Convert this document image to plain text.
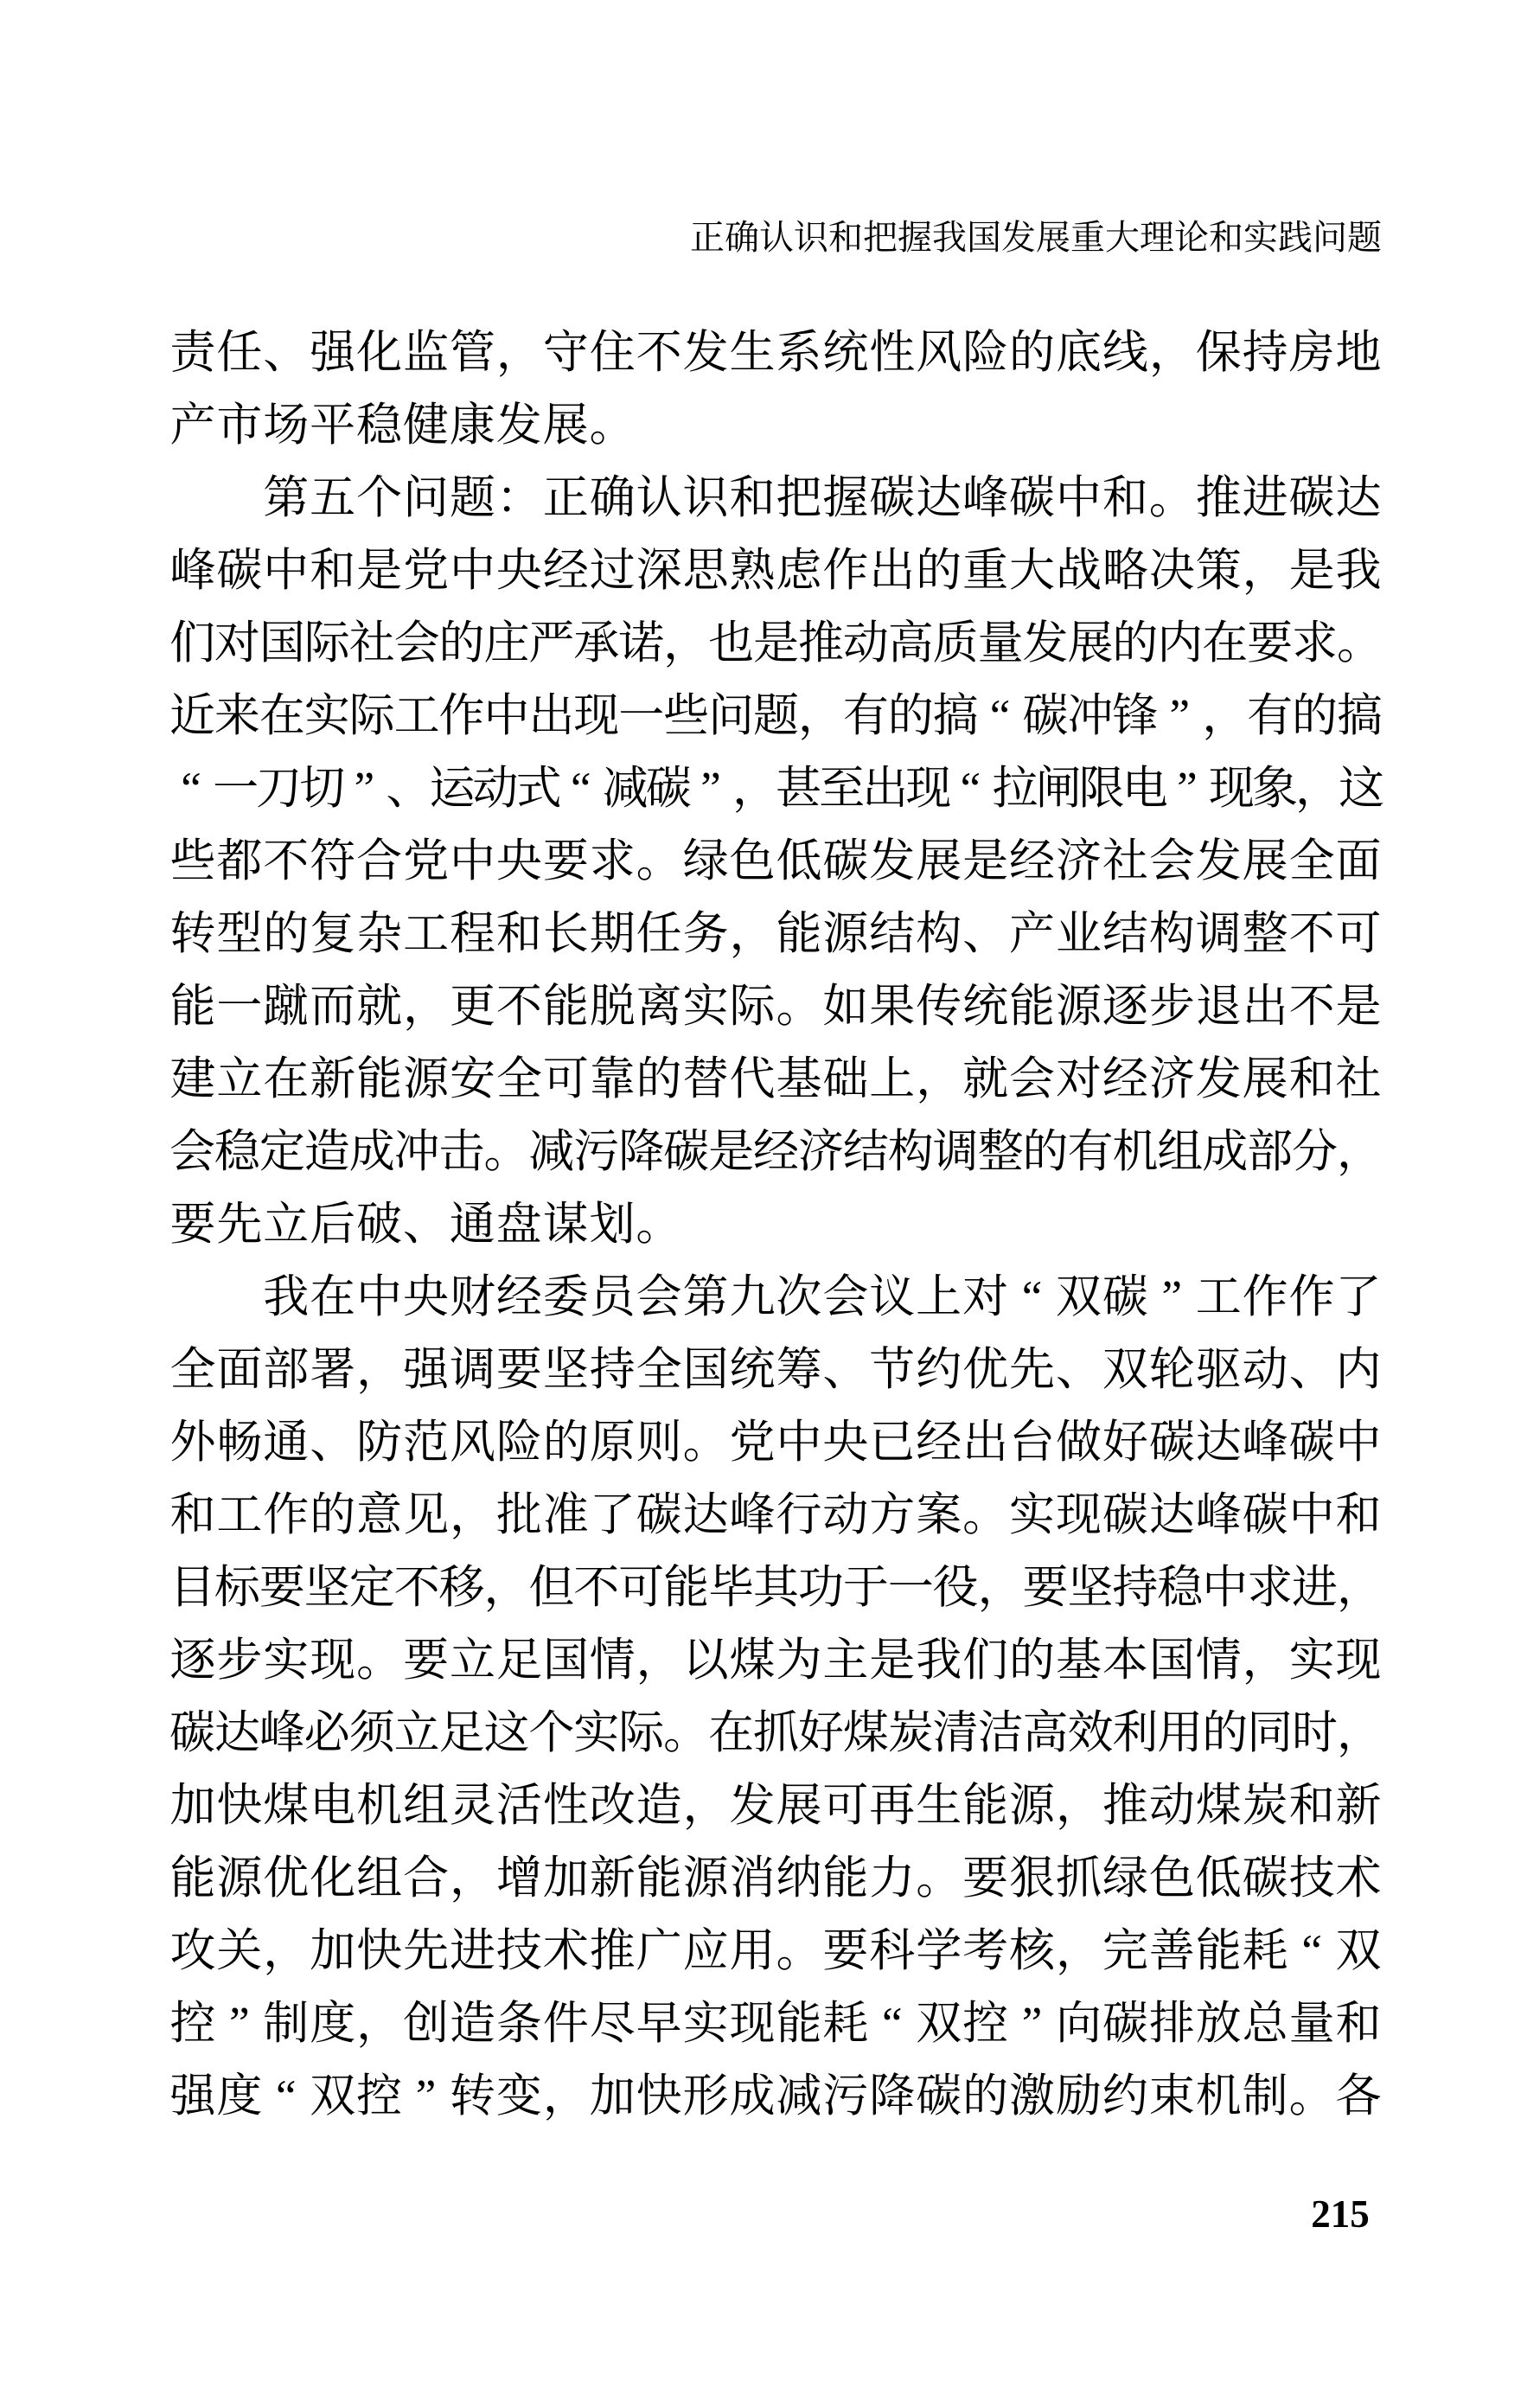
正确认识和把握我国发展重大理论和实践问题
责 任 、 强 化 监 管 ， 守 住 不 发 生 系 统 性 风 险 的 底 线 ， 保 持 房 地
产 市 场 平 稳 健 康 发 展 。
第 五 个 问 题 ： 正 确 认 识 和 把 握 碳 达 峰 碳 中 和 。 推 进 碳 达
峰 碳 中 和 是 党 中 央 经 过 深 思 熟 虑 作 出 的 重 大 战 略 决 策 ， 是 我
们
对
国
际
社
会
的
庄
严
承
诺
，
也
是
推
动
高
质
量
发
展
的
内
在
要
求
。
近
来
在
实
际
工
作
中
出
现
一
些
问
题
，
有
的
搞 “ 碳
冲
锋 ” ，
有
的
搞
“ 一
刀
切 ” 、
运
动
式 “ 减
碳 ” ，
甚
至
出
现 “ 拉
闸
限
电 ” 现
象
，
这
些 都 不 符 合 党 中 央 要 求 。 绿 色 低 碳 发 展 是 经 济 社 会 发 展 全 面
转 型 的 复 杂 工 程 和 长 期 任 务 ， 能 源 结 构 、 产 业 结 构 调 整 不 可
能 一 蹴 而 就 ， 更 不 能 脱 离 实 际 。 如 果 传 统 能 源 逐 步 退 出 不 是
建 立 在 新 能 源 安 全 可 靠 的 替 代 基 础 上 ， 就 会 对 经 济 发 展 和 社
会
稳
定
造
成
冲
击
。
减
污
降
碳
是
经
济
结
构
调
整
的
有
机
组
成
部
分
，
要 先 立 后 破 、 通 盘 谋 划 。
我 在 中 央 财 经 委 员 会 第 九 次 会 议 上 对 “ 双 碳 ” 工 作 作 了
全 面 部 署 ， 强 调 要 坚 持 全 国 统 筹 、 节 约 优 先 、 双 轮 驱 动 、 内
外 畅 通 、 防 范 风 险 的 原 则 。 党 中 央 已 经 出 台 做 好 碳 达 峰 碳 中
和 工 作 的 意 见 ， 批 准 了 碳 达 峰 行 动 方 案 。 实 现 碳 达 峰 碳 中 和
目
标
要
坚
定
不
移
，
但
不
可
能
毕
其
功
于
一
役
，
要
坚
持
稳
中
求
进
，
逐 步 实 现 。 要 立 足 国 情 ， 以 煤 为 主 是 我 们 的 基 本 国 情 ， 实 现
碳
达
峰
必
须
立
足
这
个
实
际
。
在
抓
好
煤
炭
清
洁
高
效
利
用
的
同
时
，
加 快 煤 电 机 组 灵 活 性 改 造 ， 发 展 可 再 生 能 源 ， 推 动 煤 炭 和 新
能 源 优 化 组 合 ， 增 加 新 能 源 消 纳 能 力 。 要 狠 抓 绿 色 低 碳 技 术
攻 关 ， 加 快 先 进 技 术 推 广 应 用 。 要 科 学 考 核 ， 完 善 能 耗 “ 双
控 ” 制 度 ， 创 造 条 件 尽 早 实 现 能 耗 “ 双 控 ” 向 碳 排 放 总 量 和
强 度 “ 双 控 ” 转 变 ， 加 快 形 成 减 污 降 碳 的 激 励 约 束 机 制 。 各
215
